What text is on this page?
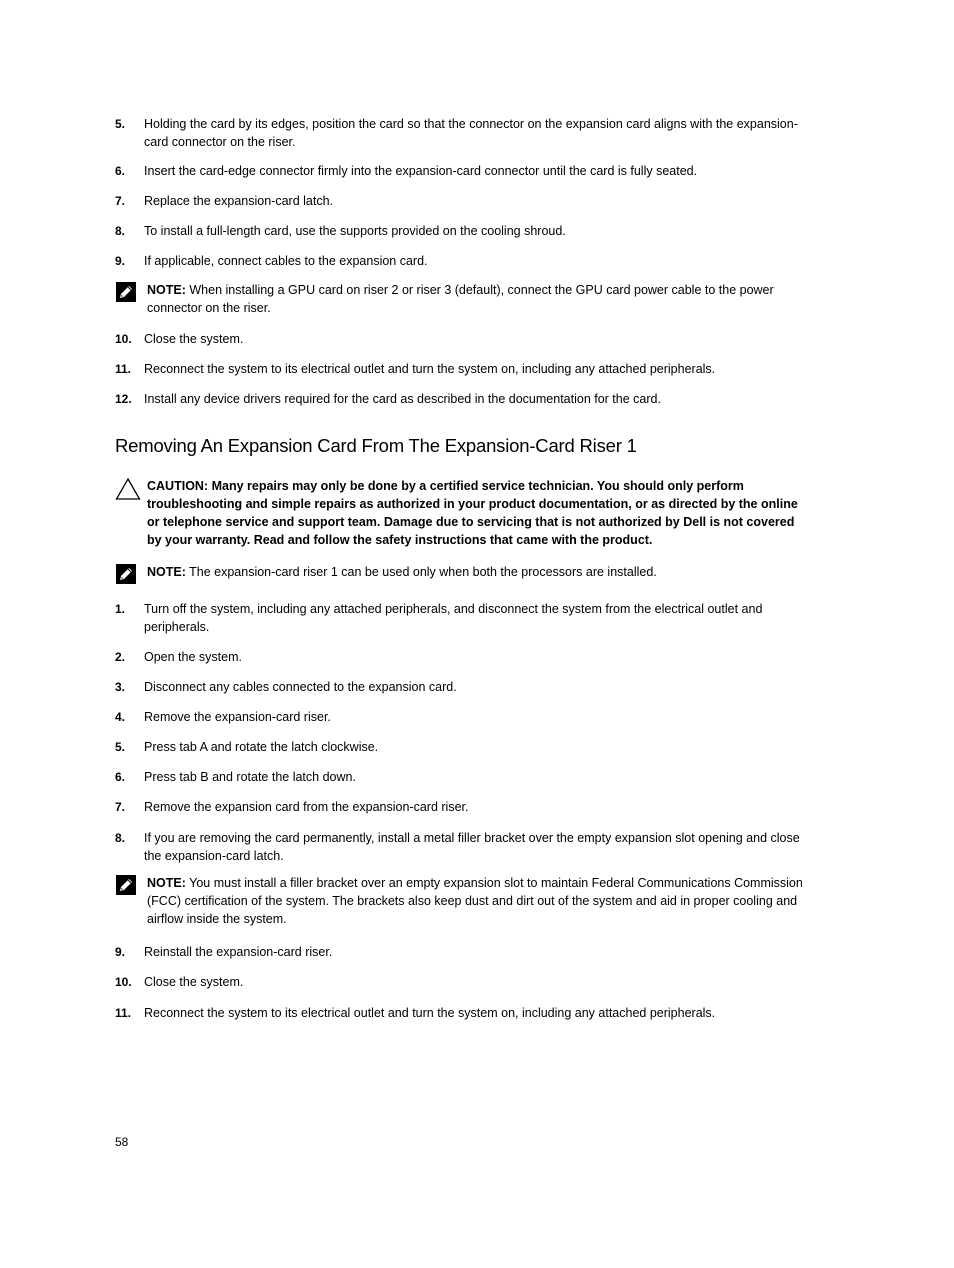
5.	Holding the card by its edges, position the card so that the connector on the expansion card aligns with the expansion-card connector on the riser.
6.	Insert the card-edge connector firmly into the expansion-card connector until the card is fully seated.
7.	Replace the expansion-card latch.
8.	To install a full-length card, use the supports provided on the cooling shroud.
9.	If applicable, connect cables to the expansion card.
NOTE: When installing a GPU card on riser 2 or riser 3 (default), connect the GPU card power cable to the power connector on the riser.
10. Close the system.
11.	Reconnect the system to its electrical outlet and turn the system on, including any attached peripherals.
12. Install any device drivers required for the card as described in the documentation for the card.
Removing An Expansion Card From The Expansion-Card Riser 1
CAUTION: Many repairs may only be done by a certified service technician. You should only perform troubleshooting and simple repairs as authorized in your product documentation, or as directed by the online or telephone service and support team. Damage due to servicing that is not authorized by Dell is not covered by your warranty. Read and follow the safety instructions that came with the product.
NOTE: The expansion-card riser 1 can be used only when both the processors are installed.
1.	Turn off the system, including any attached peripherals, and disconnect the system from the electrical outlet and peripherals.
2.	Open the system.
3.	Disconnect any cables connected to the expansion card.
4.	Remove the expansion-card riser.
5.	Press tab A and rotate the latch clockwise.
6.	Press tab B and rotate the latch down.
7.	Remove the expansion card from the expansion-card riser.
8.	If you are removing the card permanently, install a metal filler bracket over the empty expansion slot opening and close the expansion-card latch.
NOTE: You must install a filler bracket over an empty expansion slot to maintain Federal Communications Commission (FCC) certification of the system. The brackets also keep dust and dirt out of the system and aid in proper cooling and airflow inside the system.
9.	Reinstall the expansion-card riser.
10. Close the system.
11.	Reconnect the system to its electrical outlet and turn the system on, including any attached peripherals.
58
